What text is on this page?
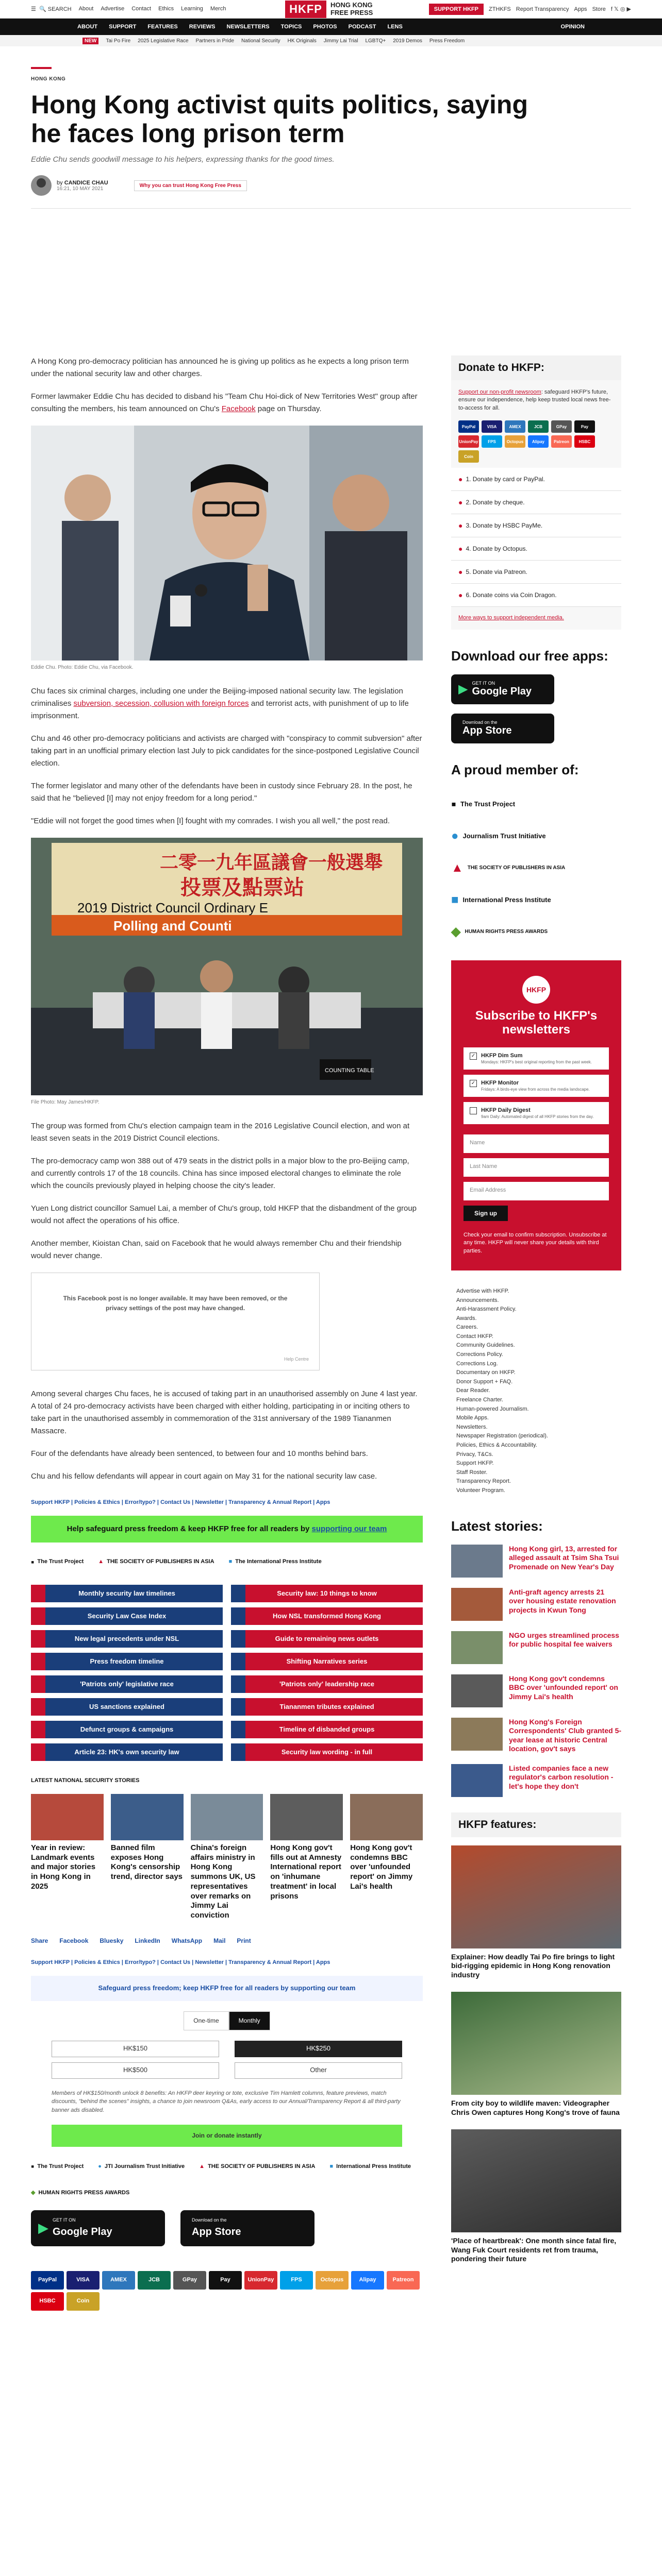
☰  🔍 SEARCH About Advertise Contact Ethics Learning Merch	HKFP	HONG KONG FREE PRESS	SUPPORT HKFP	ZTHKFS Report Transparency Apps Store f 𝕏 ◎ ▶
ABOUT SUPPORT FEATURES REVIEWS NEWSLETTERS TOPICS PHOTOS PODCAST LENS	OPINION
NEW	Tai Po Fire 2025 Legislative Race Partners in Pride National Security HK Originals Jimmy Lai Trial LGBTQ+ 2019 Demos Press Freedom
HONG KONG
Hong Kong activist quits politics, saying he faces long prison term
Eddie Chu sends goodwill message to his helpers, expressing thanks for the good times.
by CANDICE CHAU
16:21, 10 MAY 2021
Why you can trust Hong Kong Free Press

A Hong Kong pro-democracy politician has announced he is giving up politics as he expects a long prison term under the national security law and other charges.

Former lawmaker Eddie Chu has decided to disband his "Team Chu Hoi-dick of New Territories West" group after consulting the members, his team announced on Chu's Facebook page on Thursday.

Eddie Chu. Photo: Eddie Chu, via Facebook.

Chu faces six criminal charges, including one under the Beijing-imposed national security law. The legislation criminalises subversion, secession, collusion with foreign forces and terrorist acts, with punishment of up to life imprisonment.

Chu and 46 other pro-democracy politicians and activists are charged with "conspiracy to commit subversion" after taking part in an unofficial primary election last July to pick candidates for the since-postponed Legislative Council election.

The former legislator and many other of the defendants have been in custody since February 28. In the post, he said that he "believed [I] may not enjoy freedom for a long period."

"Eddie will not forget the good times when [I] fought with my comrades. I wish you all well," the post read.

二零一九年區議會一般選舉
投票及點票站
2019 District Council Ordinary E
Polling and Counti
COUNTING TABLE
File Photo: May James/HKFP.

The group was formed from Chu's election campaign team in the 2016 Legislative Council election, and won at least seven seats in the 2019 District Council elections.

The pro-democracy camp won 388 out of 479 seats in the district polls in a major blow to the pro-Beijing camp, and currently controls 17 of the 18 councils. China has since imposed electoral changes to eliminate the role which the councils previously played in helping choose the city's leader.

Yuen Long district councillor Samuel Lai, a member of Chu's group, told HKFP that the disbandment of the group would not affect the operations of his office.

Another member, Kioistan Chan, said on Facebook that he would always remember Chu and their friendship would never change.

This Facebook post is no longer available. It may have been removed, or the privacy settings of the post may have changed.
Help Centre

Among several charges Chu faces, he is accused of taking part in an unauthorised assembly on June 4 last year. A total of 24 pro-democracy activists have been charged with either holding, participating in or inciting others to take part in the unauthorised assembly in commemoration of the 31st anniversary of the 1989 Tiananmen Massacre.

Four of the defendants have already been sentenced, to between four and 10 months behind bars.

Chu and his fellow defendants will appear in court again on May 31 for the national security law case.

Support HKFP | Policies & Ethics | Error/typo? | Contact Us | Newsletter | Transparency & Annual Report | Apps
Help safeguard press freedom & keep HKFP free for all readers by supporting our team
▪ The Trust Project	▲ THE SOCIETY OF PUBLISHERS IN ASIA	■ The International Press Institute
Monthly security law timelines	Security law: 10 things to know
Security Law Case Index	How NSL transformed Hong Kong
New legal precedents under NSL	Guide to remaining news outlets
Press freedom timeline	Shifting Narratives series
'Patriots only' legislative race	'Patriots only' leadership race
US sanctions explained	Tiananmen tributes explained
Defunct groups & campaigns	Timeline of disbanded groups
Article 23: HK's own security law	Security law wording - in full
LATEST NATIONAL SECURITY STORIES
Year in review: Landmark events and major stories in Hong Kong in 2025
Banned film exposes Hong Kong's censorship trend, director says
China's foreign affairs ministry in Hong Kong summons UK, US representatives over remarks on Jimmy Lai conviction
Hong Kong gov't fills out at Amnesty International report on 'inhumane treatment' in local prisons
Hong Kong gov't condemns BBC over 'unfounded report' on Jimmy Lai's health
Share Facebook Bluesky LinkedIn WhatsApp Mail Print
Support HKFP | Policies & Ethics | Error/typo? | Contact Us | Newsletter | Transparency & Annual Report | Apps
Safeguard press freedom; keep HKFP free for all readers by supporting our team
One-time	Monthly
HK$150	HK$250
HK$500	Other
Members of HK$150/month unlock 8 benefits: An HKFP deer keyring or tote, exclusive Tim Hamlett columns, feature previews, match discounts, "behind the scenes" insights, a chance to join newsroom Q&As, early access to our Annual/Transparency Report & all third-party banner ads disabled.
Join or donate instantly
▪ The Trust Project	● JTI Journalism Trust Initiative	▲ THE SOCIETY OF PUBLISHERS IN ASIA	■ International Press Institute
◆ HUMAN RIGHTS PRESS AWARDS
▶
GET IT ON
Google Play
Download on the
App Store
PayPal	VISA	AMEX	JCB	GPay	Pay	UnionPay	FPS	Octopus	Alipay	Patreon
HSBC	Coin
Donate to HKFP:
Support our non-profit newsroom: safeguard HKFP's future, ensure our independence, help keep trusted local news free-to-access for all.
PayPal	VISA	AMEX	JCB	GPay	Pay
UnionPay	FPS	Octopus	Alipay	Patreon	HSBC
Coin
● 1. Donate by card or PayPal.
● 2. Donate by cheque.
● 3. Donate by HSBC PayMe.
● 4. Donate by Octopus.
● 5. Donate via Patreon.
● 6. Donate coins via Coin Dragon.
More ways to support independent media.
Download our free apps:
▶ GET IT ON
Google Play
Download on the
App Store
A proud member of:
▪ The Trust Project
● Journalism Trust Initiative
▲ THE SOCIETY OF PUBLISHERS IN ASIA
■ International Press Institute
◆ HUMAN RIGHTS PRESS AWARDS
HKFP
Subscribe to HKFP's newsletters
✓ HKFP Dim Sum
Mondays: HKFP's best original reporting from the past week.
✓ HKFP Monitor
Fridays: A birds-eye view from across the media landscape.
HKFP Daily Digest
9am Daily: Automated digest of all HKFP stories from the day.
Name
Last Name
Email Address
Sign up
Check your email to confirm subscription. Unsubscribe at any time. HKFP will never share your details with third parties.
Advertise with HKFP.
Announcements.
Anti-Harassment Policy.
Awards.
Careers.
Contact HKFP.
Community Guidelines.
Corrections Policy.
Corrections Log.
Documentary on HKFP.
Donor Support + FAQ.
Dear Reader.
Freelance Charter.
Human-powered Journalism.
Mobile Apps.
Newsletters.
Newspaper Registration (periodical).
Policies, Ethics & Accountability.
Privacy, T&Cs.
Support HKFP.
Staff Roster.
Transparency Report.
Volunteer Program.
Latest stories:
Hong Kong girl, 13, arrested for alleged assault at Tsim Sha Tsui Promenade on New Year's Day
Anti-graft agency arrests 21 over housing estate renovation projects in Kwun Tong
NGO urges streamlined process for public hospital fee waivers
Hong Kong gov't condemns BBC over 'unfounded report' on Jimmy Lai's health
Hong Kong's Foreign Correspondents' Club granted 5-year lease at historic Central location, gov't says
Listed companies face a new regulator's carbon resolution - let's hope they don't
HKFP features:
Explainer: How deadly Tai Po fire brings to light bid-rigging epidemic in Hong Kong renovation industry
From city boy to wildlife maven: Videographer Chris Owen captures Hong Kong's trove of fauna
'Place of heartbreak': One month since fatal fire, Wang Fuk Court residents ret from trauma, pondering their future
